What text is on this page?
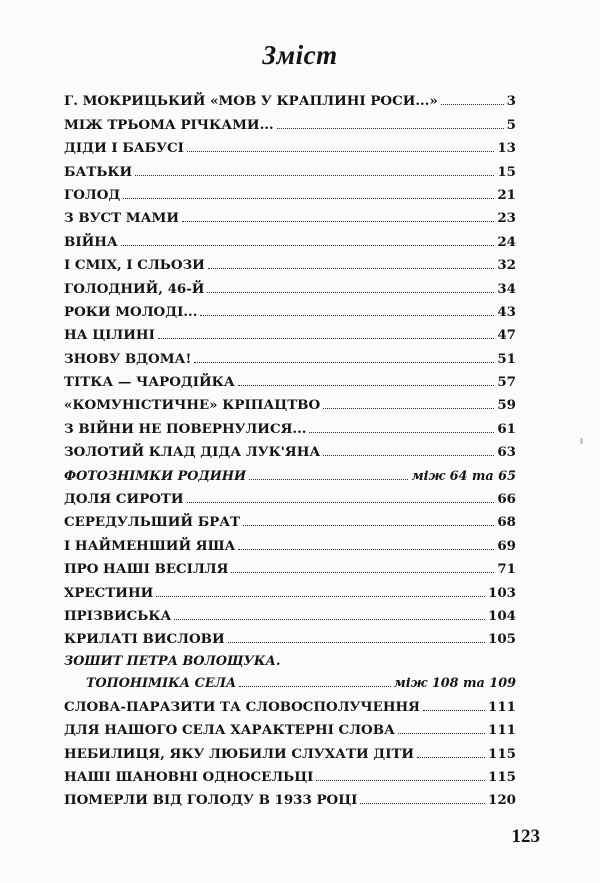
Зміст
Г. МОКРИЦЬКИЙ «МОВ У КРАПЛИНІ РОСИ...»	3
МІЖ ТРЬОМА РІЧКАМИ...	5
ДІДИ І БАБУСІ	13
БАТЬКИ	15
ГОЛОД	21
З ВУСТ МАМИ	23
ВІЙНА	24
І СМІХ, І СЛЬОЗИ	32
ГОЛОДНИЙ, 46-Й	34
РОКИ МОЛОДІ...	43
НА ЦІЛИНІ	47
ЗНОВУ ВДОМА!	51
ТІТКА — ЧАРОДІЙКА	57
«КОМУНІСТИЧНЕ» КРІПАЦТВО	59
З ВІЙНИ НЕ ПОВЕРНУЛИСЯ...	61
ЗОЛОТИЙ КЛАД ДІДА ЛУК'ЯНА	63
ФОТОЗНІМКИ РОДИНИ	між 64 та 65
ДОЛЯ СИРОТИ	66
СЕРЕДУЛЬШИЙ БРАТ	68
І НАЙМЕНШИЙ ЯША	69
ПРО НАШІ ВЕСІЛЛЯ	71
ХРЕСТИНИ	103
ПРІЗВИСЬКА	104
КРИЛАТІ ВИСЛОВИ	105
ЗОШИТ ПЕТРА ВОЛОЩУКА.
ТОПОНІМІКА СЕЛА	між 108 та 109
СЛОВА-ПАРАЗИТИ ТА СЛОВОСПОЛУЧЕННЯ	111
ДЛЯ НАШОГО СЕЛА ХАРАКТЕРНІ СЛОВА	111
НЕБИЛИЦЯ, ЯКУ ЛЮБИЛИ СЛУХАТИ ДІТИ	115
НАШІ ШАНОВНІ ОДНОСЕЛЬЦІ	115
ПОМЕРЛИ ВІД ГОЛОДУ В 1933 РОЦІ	120
123
